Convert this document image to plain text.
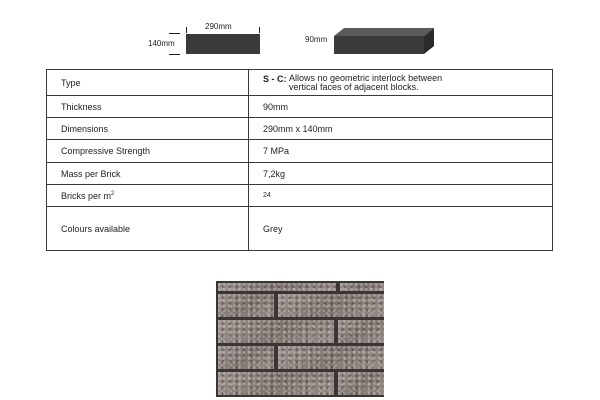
290mm
140mm	90mm
Type	S - C: Allows no geometric interlock between
vertical faces of adjacent blocks.
Thickness	90mm
Dimensions	290mm x 140mm
Compressive Strength	7 MPa
Mass per Brick	7,2kg
Bricks per $m^2$	24
Colours available	Grey
